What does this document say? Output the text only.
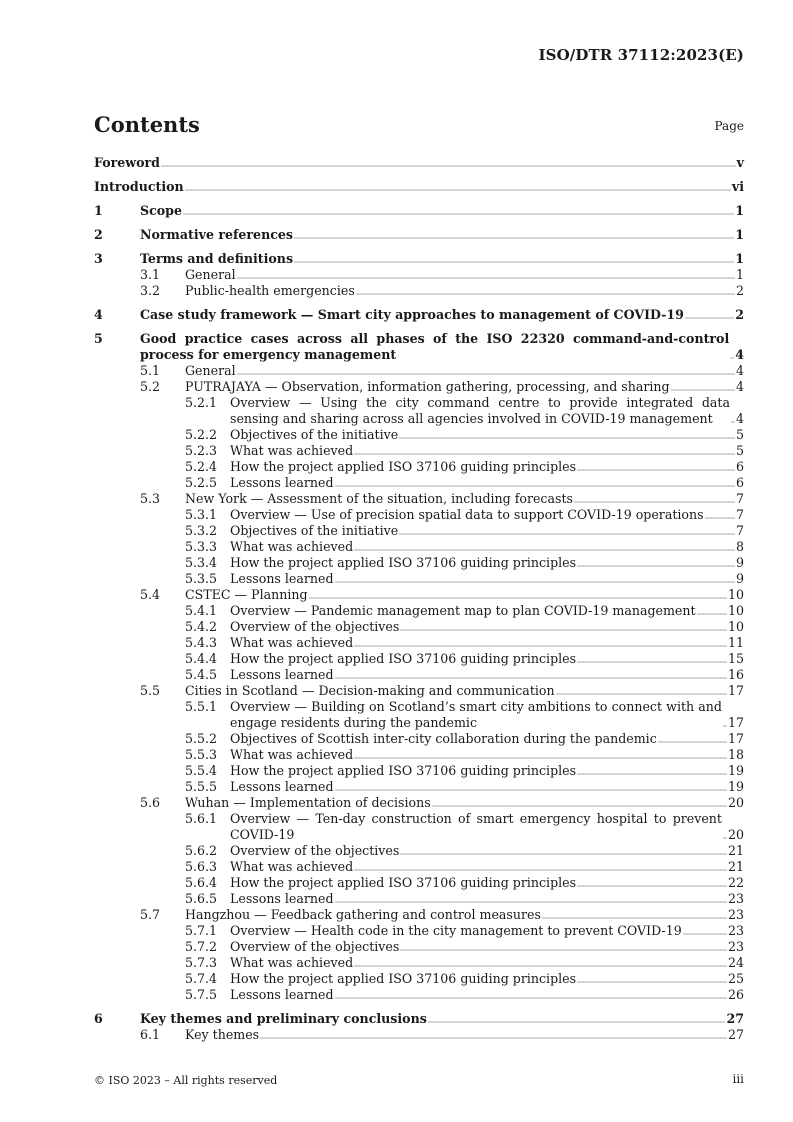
ISO/DTR 37112:2023(E)
Contents	Page
Foreword	v
Introduction	vi
1	Scope	1
2	Normative references	1
3	Terms and definitions	1
3.1	General	1
3.2	Public-health emergencies	2
4	Case study framework — Smart city approaches to management of COVID-19	2
5	Good practice cases across all phases of the ISO 22320 command-and-control process for emergency management	4
5.1	General	4
5.2	PUTRAJAYA — Observation, information gathering, processing, and sharing	4
5.2.1	Overview — Using the city command centre to provide integrated data sensing and sharing across all agencies involved in COVID-19 management	4
5.2.2	Objectives of the initiative	5
5.2.3	What was achieved	5
5.2.4	How the project applied ISO 37106 guiding principles	6
5.2.5	Lessons learned	6
5.3	New York — Assessment of the situation, including forecasts	7
5.3.1	Overview — Use of precision spatial data to support COVID-19 operations	7
5.3.2	Objectives of the initiative	7
5.3.3	What was achieved	8
5.3.4	How the project applied ISO 37106 guiding principles	9
5.3.5	Lessons learned	9
5.4	CSTEC — Planning	10
5.4.1	Overview — Pandemic management map to plan COVID-19 management	10
5.4.2	Overview of the objectives	10
5.4.3	What was achieved	11
5.4.4	How the project applied ISO 37106 guiding principles	15
5.4.5	Lessons learned	16
5.5	Cities in Scotland — Decision-making and communication	17
5.5.1	Overview — Building on Scotland’s smart city ambitions to connect with and engage residents during the pandemic	17
5.5.2	Objectives of Scottish inter-city collaboration during the pandemic	17
5.5.3	What was achieved	18
5.5.4	How the project applied ISO 37106 guiding principles	19
5.5.5	Lessons learned	19
5.6	Wuhan — Implementation of decisions	20
5.6.1	Overview — Ten-day construction of smart emergency hospital to prevent COVID-19	20
5.6.2	Overview of the objectives	21
5.6.3	What was achieved	21
5.6.4	How the project applied ISO 37106 guiding principles	22
5.6.5	Lessons learned	23
5.7	Hangzhou — Feedback gathering and control measures	23
5.7.1	Overview — Health code in the city management to prevent COVID-19	23
5.7.2	Overview of the objectives	23
5.7.3	What was achieved	24
5.7.4	How the project applied ISO 37106 guiding principles	25
5.7.5	Lessons learned	26
6	Key themes and preliminary conclusions	27
6.1	Key themes	27
© ISO 2023 – All rights reserved	iii
